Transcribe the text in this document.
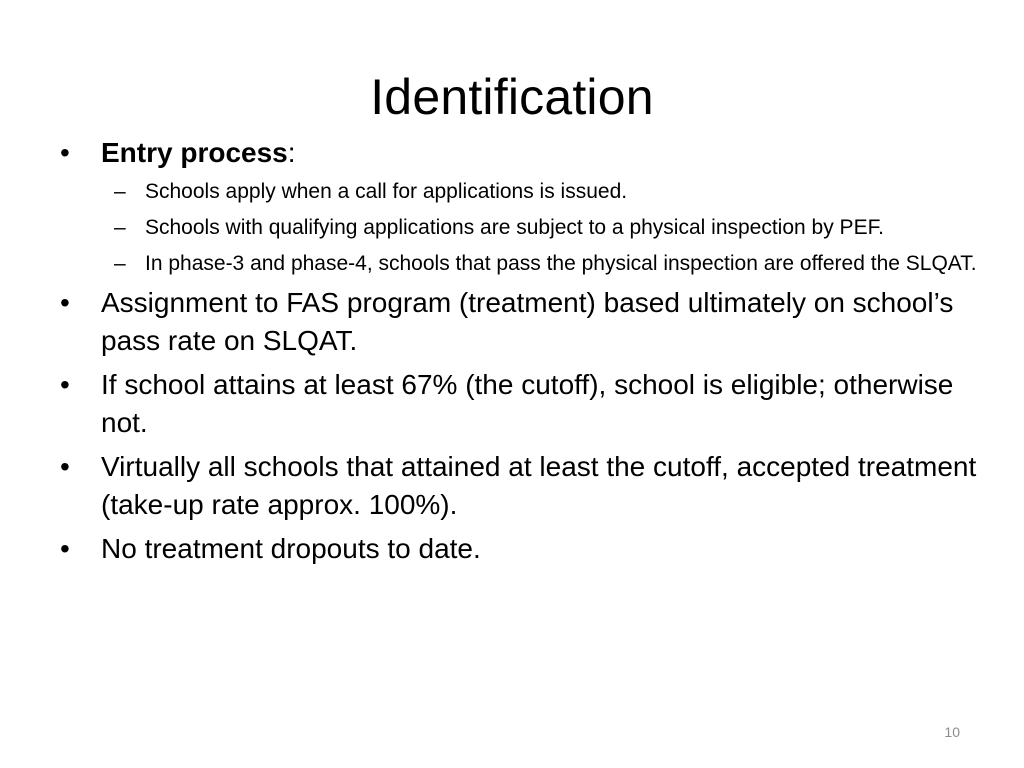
Identification
•	Entry process:
– Schools apply when a call for applications is issued.
– Schools with qualifying applications are subject to a physical inspection by PEF.
– In phase-3 and phase-4, schools that pass the physical inspection are offered the SLQAT.
•	Assignment to FAS program (treatment) based ultimately on school’s pass rate on SLQAT.
•	If school attains at least 67% (the cutoff), school is eligible; otherwise not.
•	Virtually all schools that attained at least the cutoff, accepted treatment (take-up rate approx. 100%).
•	No treatment dropouts to date.
10
